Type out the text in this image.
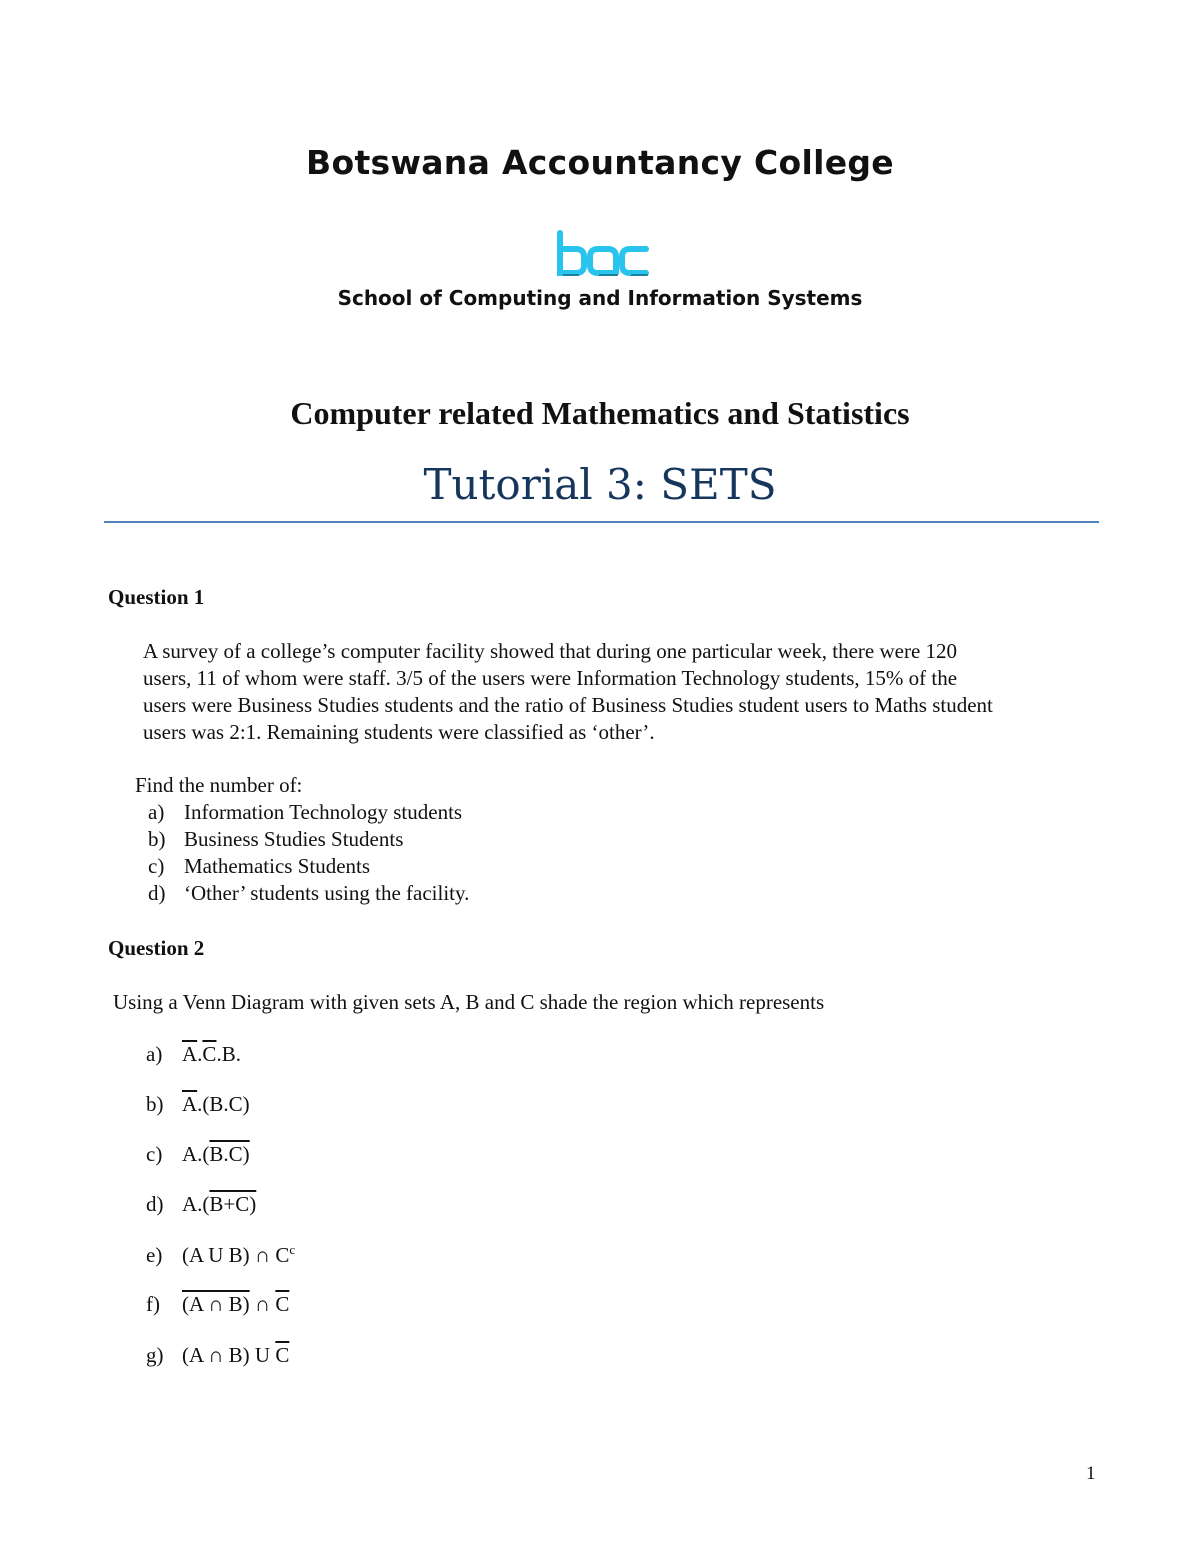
Botswana Accountancy College
School of Computing and Information Systems
Computer related Mathematics and Statistics
Tutorial 3: SETS
Question 1
A survey of a college’s computer facility showed that during one particular week, there were 120
users, 11 of whom were staff. 3/5 of the users were Information Technology students, 15% of the
users were Business Studies students and the ratio of Business Studies student users to Maths student
users was 2:1. Remaining students were classified as ‘other’.
Find the number of:
a) Information Technology students
b) Business Studies Students
c) Mathematics Students
d) ‘Other’ students using the facility.
Question 2
Using a Venn Diagram with given sets A, B and C shade the region which represents
a) $\overline{A}.\overline{C}.B$.
b) $\overline{A}.(B.C)$
c) A.(B.C)
d) A.(B+C)
e) (A U B) ∩ $C^c$
f) (A ∩ B) ∩ $\overline{C}$
g) (A ∩ B) U $\overline{C}$
1
